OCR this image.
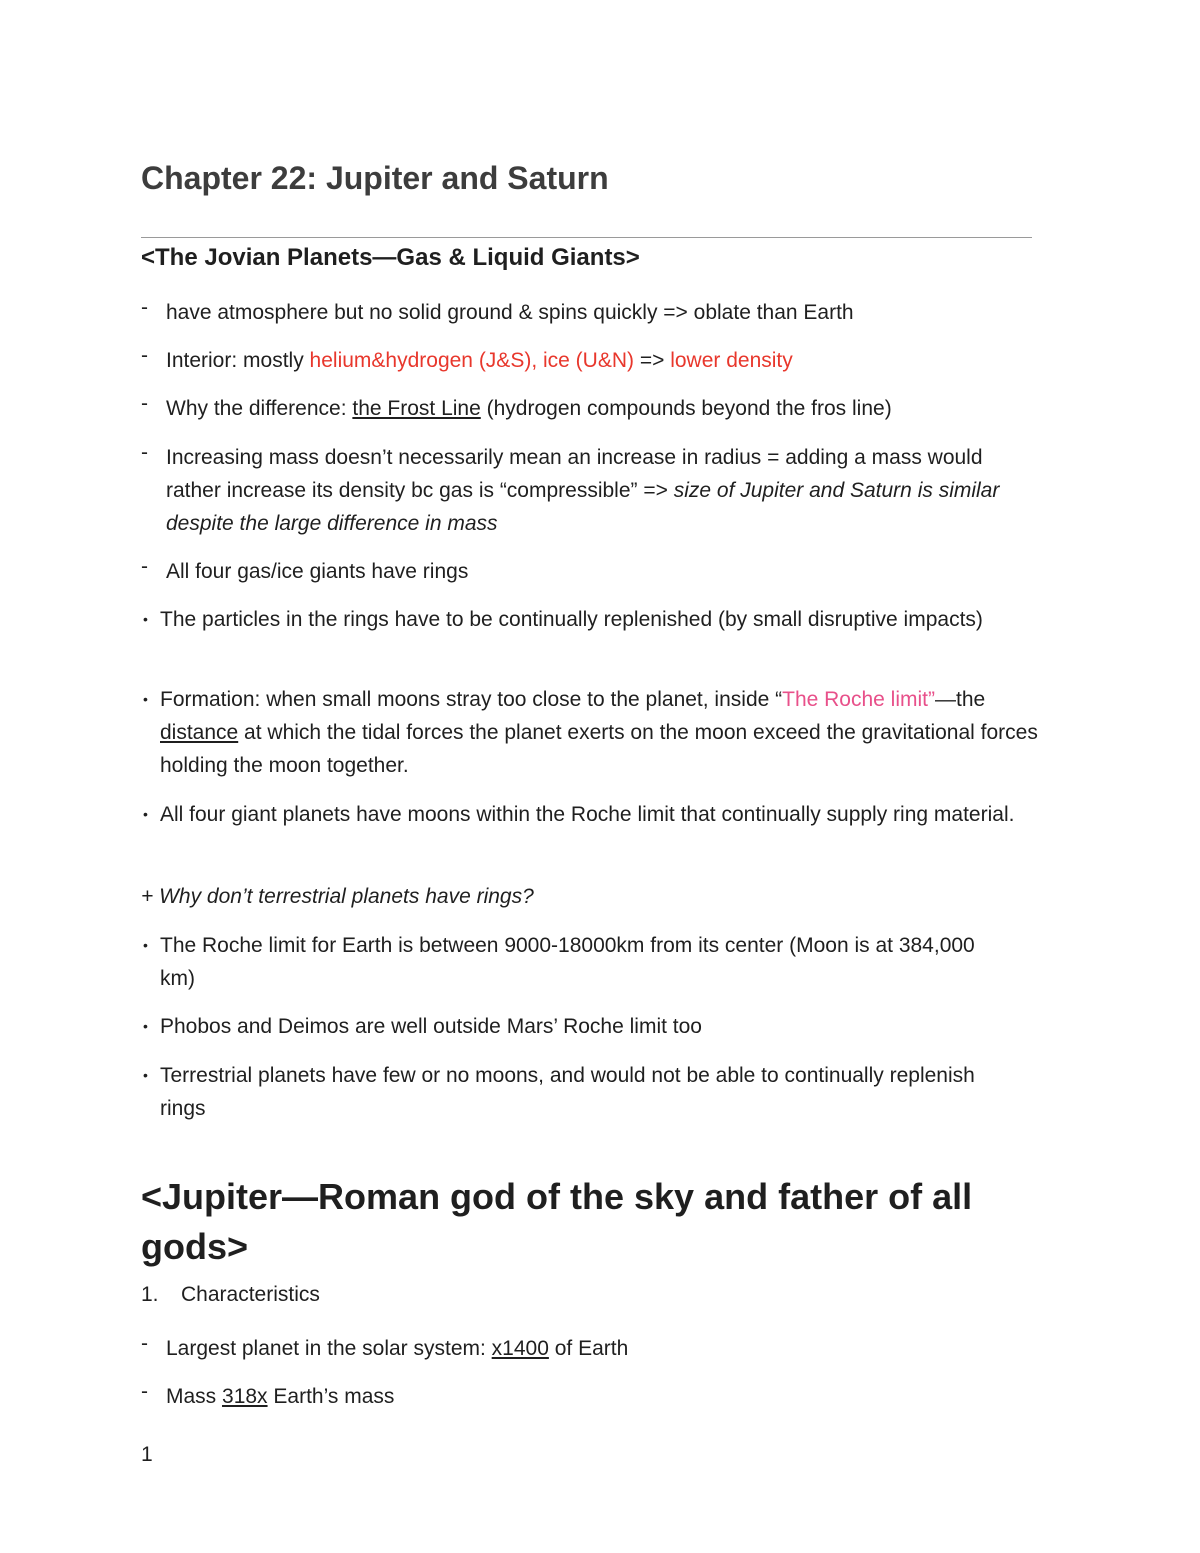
Chapter 22: Jupiter and Saturn
<The Jovian Planets—Gas & Liquid Giants>
- have atmosphere but no solid ground & spins quickly => oblate than Earth
- Interior: mostly helium&hydrogen (J&S), ice (U&N) => lower density
- Why the difference: the Frost Line (hydrogen compounds beyond the fros line)
- Increasing mass doesn’t necessarily mean an increase in radius = adding a mass would rather increase its density bc gas is “compressible” => size of Jupiter and Saturn is similar despite the large difference in mass
- All four gas/ice giants have rings
• The particles in the rings have to be continually replenished (by small disruptive impacts)
• Formation: when small moons stray too close to the planet, inside “The Roche limit”—the distance at which the tidal forces the planet exerts on the moon exceed the gravitational forces holding the moon together.
• All four giant planets have moons within the Roche limit that continually supply ring material.
+ Why don’t terrestrial planets have rings?
• The Roche limit for Earth is between 9000-18000km from its center (Moon is at 384,000 km)
• Phobos and Deimos are well outside Mars’ Roche limit too
• Terrestrial planets have few or no moons, and would not be able to continually replenish rings
<Jupiter—Roman god of the sky and father of all gods>
1. Characteristics
- Largest planet in the solar system: x1400 of Earth
- Mass 318x Earth’s mass
1
